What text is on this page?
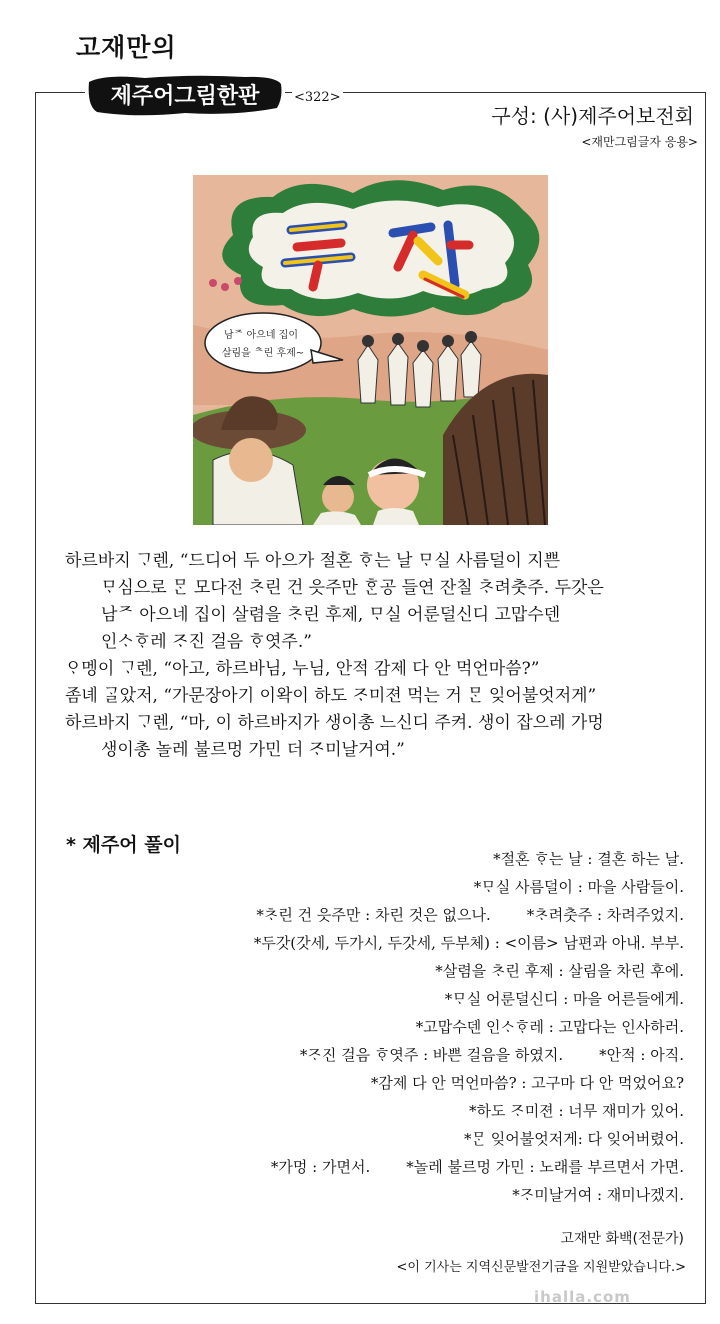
고재만의
제주어그림한판	<322>
구성: (사)제주어보전회
<재만그림글자 응용>
남ᄌ 아으네 집이
살림을 ᄎ린 후제~

하르바지 ᄀᆞ렌, “드디어 두 아으가 절혼 ᄒᆞ는 날 ᄆᆞ실 사름덜이 지쁜

ᄆᆞ심으로 ᄆᆞᆫ 모다전 ᄎᆞ린 건 읏주만 ᄒᆞᆫ공 들연 잔칠 ᄎᆞ려춧주. 두갓은

남ᄌ 아으네 집이 살렴을 ᄎᆞ린 후제, ᄆᆞ실 어룬덜신디 고맙수덴

인ᄉᆞᄒᆞ레 ᄌᆞ진 걸음 ᄒᆞ엿주.”

ᄋᆞ멩이 ᄀᆞ렌, “아고, 하르바님, 누님, 안적 감제 다 안 먹언마씀?”

좀녜 ᄀᆞᆯ았저, “가문장아기 이왁이 하도 ᄌᆞ미젼 먹는 거 ᄆᆞᆫ 잊어불엇저게”

하르바지 ᄀᆞ렌, “마, 이 하르바지가 생이총 느신디 주켜. 생이 잡으레 가멍

생이총 놀레 불르멍 가민 더 ᄌᆞ미날거여.”

* 제주어 풀이
*절혼 ᄒᆞ는 날 : 결혼 하는 날.
*ᄆᆞ실 사름덜이 : 마을 사람들이.
*ᄎᆞ린 건 읏주만 : 차린 것은 없으나. *ᄎᆞ려춧주 : 차려주었지.
*두갓(갓세, 두가시, 두갓세, 두부체) : <이름> 남편과 아내. 부부.
*살렴을 ᄎᆞ린 후제 : 살림을 차린 후에.
*ᄆᆞ실 어룬덜신디 : 마을 어른들에게.
*고맙수덴 인ᄉᆞᄒᆞ레 : 고맙다는 인사하러.
*ᄌᆞ진 걸음 ᄒᆞ엿주 : 바쁜 걸음을 하였지. *안적 : 아직.
*감제 다 안 먹언마씀? : 고구마 다 안 먹었어요?
*하도 ᄌᆞ미젼 : 너무 재미가 있어.
*ᄆᆞᆫ 잊어불엇저게: 다 잊어버렸어.
*가멍 : 가면서. *놀레 불르멍 가민 : 노래를 부르면서 가면.
*ᄌᆞ미날거여 : 재미나겠지.
고재만 화백(전문가)
<이 기사는 지역신문발전기금을 지원받았습니다.>
ihalla.com
